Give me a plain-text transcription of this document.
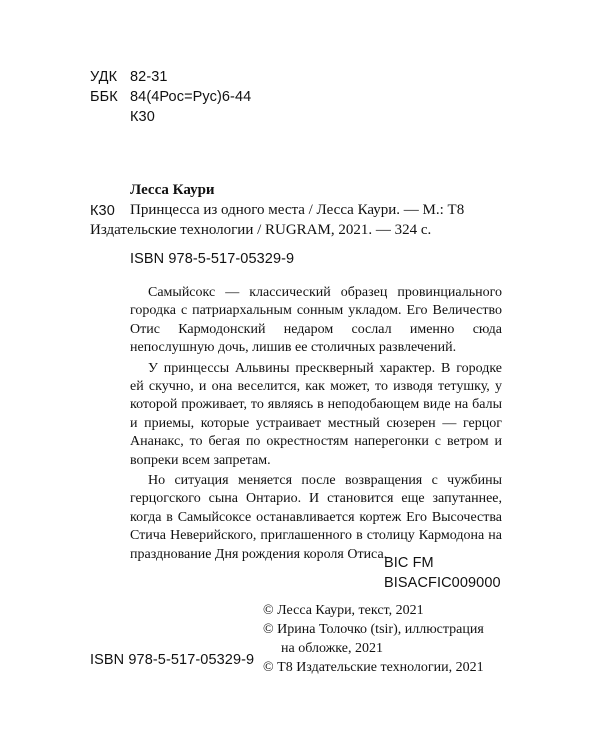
УДК 82-31
ББК 84(4Рос=Рус)6-44
К30
Лесса Каури
К30 Принцесса из одного места / Лесса Каури. — М.: Т8
Издательские технологии / RUGRAM, 2021. — 324 с.
ISBN 978-5-517-05329-9

Самыйсокс — классический образец провинциального городка с патриархальным сонным укладом. Его Величество Отис Кармодонский недаром сослал именно сюда непослушную дочь, лишив ее столичных развлечений.

У принцессы Альвины прескверный характер. В городке ей скучно, и она веселится, как может, то изводя тетушку, у которой проживает, то являясь в неподобающем виде на балы и приемы, которые устраивает местный сюзерен — герцог Ананакс, то бегая по окрестностям наперегонки с ветром и вопреки всем запретам.

Но ситуация меняется после возвращения с чужбины герцогского сына Онтарио. И становится еще запутаннее, когда в Самыйсоксе останавливается кортеж Его Высочества Стича Неверийского, приглашенного в столицу Кармодона на празднование Дня рождения короля Отиса.

BIC FM
BISACFIC009000
ISBN 978-5-517-05329-9
© Лесса Каури, текст, 2021
© Ирина Толочко (tsir), иллюстрация
на обложке, 2021
© Т8 Издательские технологии, 2021
